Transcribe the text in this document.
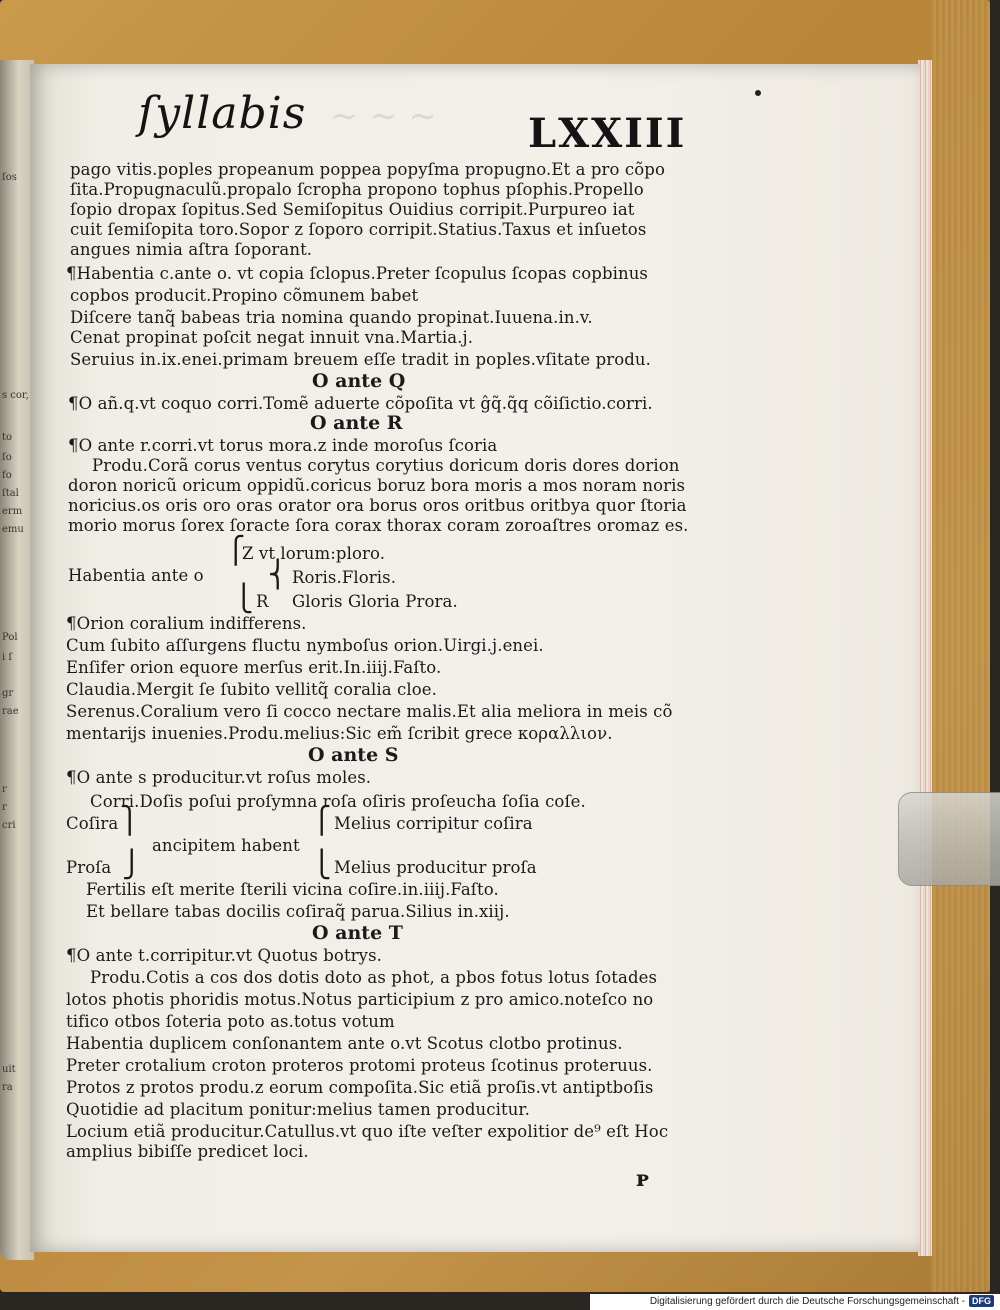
ſos
s cor,
to
ſo
fo
ſtal
erm
emu
Pol
i ſ
gr
rae
r
r
cri
uit
ra
~ ~ ~
ſyllabis	LXXIII
pago vitis.poples propeanum poppea popyſma propugno.Et a pro cõpo
ſita.Propugnaculũ.propalo ſcropha propono tophus pſophis.Propello
ſopio dropax ſopitus.Sed Semiſopitus Ouidius corripit.Purpureo iat
cuit ſemiſopita toro.Sopor z ſoporo corripit.Statius.Taxus et inſuetos
angues nimia aſtra ſoporant.
¶Habentia c.ante o. vt copia ſclopus.Preter ſcopulus ſcopas copbinus
copbos producit.Propino cõmunem babet
Diſcere tanq̃ babeas tria nomina quando propinat.Iuuena.in.v.
Cenat propinat poſcit negat innuit vna.Martia.j.
Seruius in.ix.enei.primam breuem eſſe tradit in poples.vſitate produ.
O ante Q
¶O añ.q.vt coquo corri.Tomẽ aduerte cõpoſita vt ĝq̃.q̃q cõiſictio.corri.
O ante R
¶O ante r.corri.vt torus mora.z inde moroſus ſcoria
Produ.Corã corus ventus corytus corytius doricum doris dores dorion
doron noricũ oricum oppidũ.coricus boruz bora moris a mos noram noris
noricius.os oris oro oras orator ora borus oros oritbus oritbya quor ſtoria
morio morus ſorex ſoracte ſora corax thorax coram zoroaſtres oromaz es.
⎧
Z vt lorum:ploro.
Habentia ante o ⎨ Roris.Floris.
⎩ R Gloris Gloria Prora.
¶Orion coralium indifferens.
Cum ſubito aſſurgens fluctu nymboſus orion.Uirgi.j.enei.
Enſifer orion equore merſus erit.In.iiij.Faſto.
Claudia.Mergit ſe ſubito vellitq̃ coralia cloe.
Serenus.Coralium vero ſi cocco nectare malis.Et alia meliora in meis cõ
mentarijs inuenies.Produ.melius:Sic em̃ ſcribit grece κοραλλιον.
O ante S
¶O ante s producitur.vt roſus moles.
Corri.Doſis poſui proſymna roſa oſiris proſeucha ſoſia coſe.
Coſira ⎫	⎧ Melius corripitur coſira
ancipitem habent
Proſa ⎭	⎩ Melius producitur proſa
Fertilis eſt merite ſterili vicina coſire.in.iiij.Faſto.
Et bellare tabas docilis coſiraq̃ parua.Silius in.xiij.
O ante T
¶O ante t.corripitur.vt Quotus botrys.
Produ.Cotis a cos dos dotis doto as phot, a pbos fotus lotus ſotades
lotos photis phoridis motus.Notus participium z pro amico.noteſco no
tifico otbos ſoteria poto as.totus votum
Habentia duplicem conſonantem ante o.vt Scotus clotbo protinus.
Preter crotalium croton proteros protomi proteus ſcotinus proteruus.
Protos z protos produ.z eorum compoſita.Sic etiã proſis.vt antiptboſis
Quotidie ad placitum ponitur:melius tamen producitur.
Locium etiã producitur.Catullus.vt quo iſte veſter expolitior de⁹ eſt Hoc
amplius bibiſſe predicet loci.
ᴘ
Digitalisierung gefördert durch die Deutsche Forschungsgemeinschaft - DFG
